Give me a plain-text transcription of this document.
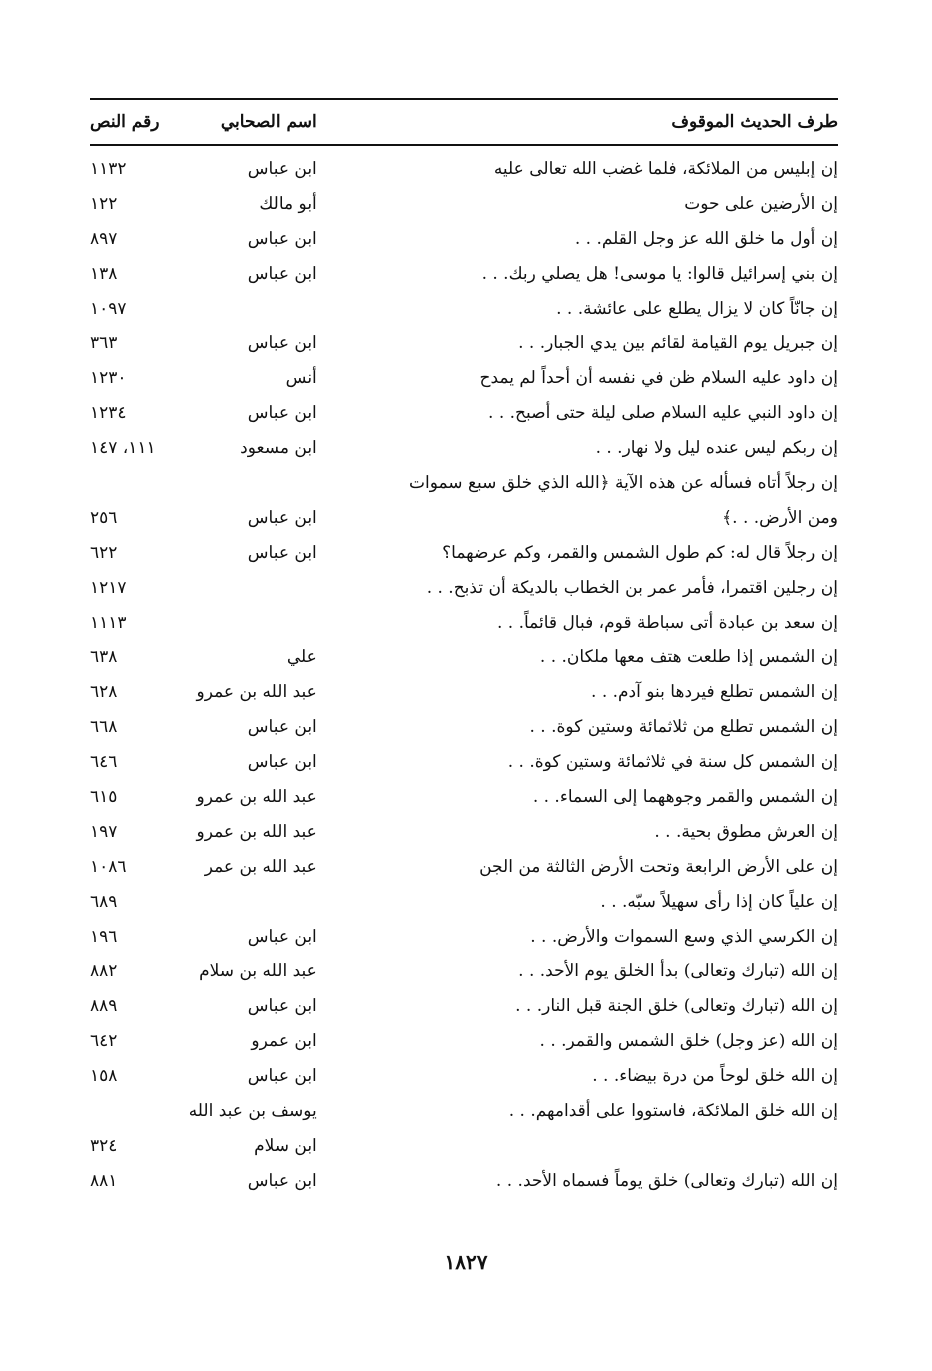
طرف الحديث الموقوف
اسم الصحابي
رقم النص
إن إبليس من الملائكة، فلما غضب الله تعالى عليه
ابن عباس
١١٣٢
إن الأرضين على حوت
أبو مالك
١٢٢
إن أول ما خلق الله عز وجل القلم. . .
ابن عباس
٨٩٧
إن بني إسرائيل قالوا: يا موسى! هل يصلي ربك. . .
ابن عباس
١٣٨
إن جانّاً كان لا يزال يطلع على عائشة. . .
١٠٩٧
إن جبريل يوم القيامة لقائم بين يدي الجبار. . .
ابن عباس
٣٦٣
إن داود عليه السلام ظن في نفسه أن أحداً لم يمدح
أنس
١٢٣٠
إن داود النبي عليه السلام صلى ليلة حتى أصبح. . .
ابن عباس
١٢٣٤
إن ربكم ليس عنده ليل ولا نهار. . .
ابن مسعود
١١١، ١٤٧
إن رجلاً أتاه فسأله عن هذه الآية ﴿الله الذي خلق سبع سموات
ومن الأرض. . .﴾
ابن عباس
٢٥٦
إن رجلاً قال له: كم طول الشمس والقمر، وكم عرضهما؟
ابن عباس
٦٢٢
إن رجلين اقتمرا، فأمر عمر بن الخطاب بالديكة أن تذبح. . .
١٢١٧
إن سعد بن عبادة أتى سباطة قوم، فبال قائماً. . .
١١١٣
إن الشمس إذا طلعت هتف معها ملكان. . .
علي
٦٣٨
إن الشمس تطلع فيردها بنو آدم. . .
عبد الله بن عمرو
٦٢٨
إن الشمس تطلع من ثلاثمائة وستين كوة. . .
ابن عباس
٦٦٨
إن الشمس كل سنة في ثلاثمائة وستين كوة. . .
ابن عباس
٦٤٦
إن الشمس والقمر وجوههما إلى السماء. . .
عبد الله بن عمرو
٦١٥
إن العرش مطوق بحية. . .
عبد الله بن عمرو
١٩٧
إن على الأرض الرابعة وتحت الأرض الثالثة من الجن
عبد الله بن عمر
١٠٨٦
إن علياً كان إذا رأى سهيلاً سبّه. . .
٦٨٩
إن الكرسي الذي وسع السموات والأرض. . .
ابن عباس
١٩٦
إن الله (تبارك وتعالى) بدأ الخلق يوم الأحد. . .
عبد الله بن سلام
٨٨٢
إن الله (تبارك وتعالى) خلق الجنة قبل النار. . .
ابن عباس
٨٨٩
إن الله (عز وجل) خلق الشمس والقمر. . .
ابن عمرو
٦٤٢
إن الله خلق لوحاً من درة بيضاء. . .
ابن عباس
١٥٨
إن الله خلق الملائكة، فاستووا على أقدامهم. . .
يوسف بن عبد الله
ابن سلام
٣٢٤
إن الله (تبارك وتعالى) خلق يوماً فسماه الأحد. . .
ابن عباس
٨٨١
١٨٢٧
